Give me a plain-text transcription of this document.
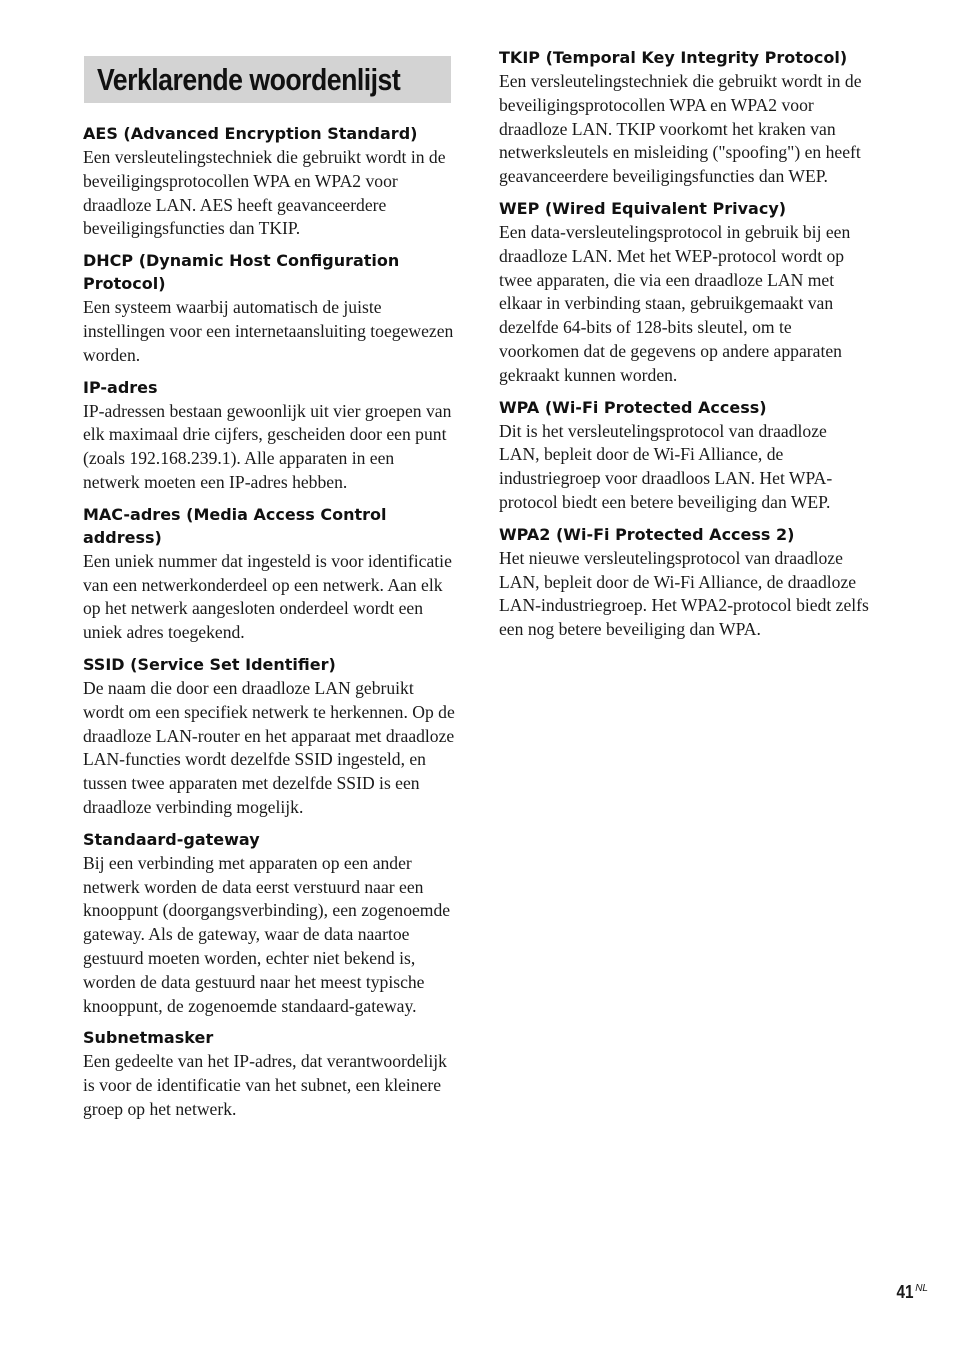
Verklarende woordenlijst
AES (Advanced Encryption Standard)

Een versleutelingstechniek die gebruikt wordt in de beveiligingsprotocollen WPA en WPA2 voor draadloze LAN. AES heeft geavanceerdere beveiligingsfuncties dan TKIP.

DHCP (Dynamic Host Configuration Protocol)

Een systeem waarbij automatisch de juiste instellingen voor een internetaansluiting toegewezen worden.

IP-adres

IP-adressen bestaan gewoonlijk uit vier groepen van elk maximaal drie cijfers, gescheiden door een punt (zoals 192.168.239.1). Alle apparaten in een netwerk moeten een IP-adres hebben.

MAC-adres (Media Access Control address)

Een uniek nummer dat ingesteld is voor identificatie van een netwerkonderdeel op een netwerk. Aan elk op het netwerk aangesloten onderdeel wordt een uniek adres toegekend.

SSID (Service Set Identifier)

De naam die door een draadloze LAN gebruikt wordt om een specifiek netwerk te herkennen. Op de draadloze LAN-router en het apparaat met draadloze LAN-functies wordt dezelfde SSID ingesteld, en tussen twee apparaten met dezelfde SSID is een draadloze verbinding mogelijk.

Standaard-gateway

Bij een verbinding met apparaten op een ander netwerk worden de data eerst verstuurd naar een knooppunt (doorgangsverbinding), een zogenoemde gateway. Als de gateway, waar de data naartoe gestuurd moeten worden, echter niet bekend is, worden de data gestuurd naar het meest typische knooppunt, de zogenoemde standaard-gateway.

Subnetmasker

Een gedeelte van het IP-adres, dat verantwoordelijk is voor de identificatie van het subnet, een kleinere groep op het netwerk.

TKIP (Temporal Key Integrity Protocol)

Een versleutelingstechniek die gebruikt wordt in de beveiligingsprotocollen WPA en WPA2 voor draadloze LAN. TKIP voorkomt het kraken van netwerksleutels en misleiding ("spoofing") en heeft geavanceerdere beveiligingsfuncties dan WEP.

WEP (Wired Equivalent Privacy)

Een data-versleutelingsprotocol in gebruik bij een draadloze LAN. Met het WEP-protocol wordt op twee apparaten, die via een draadloze LAN met elkaar in verbinding staan, gebruikgemaakt van dezelfde 64-bits of 128-bits sleutel, om te voorkomen dat de gegevens op andere apparaten gekraakt kunnen worden.

WPA (Wi-Fi Protected Access)

Dit is het versleutelingsprotocol van draadloze LAN, bepleit door de Wi-Fi Alliance, de industriegroep voor draadloos LAN. Het WPA-protocol biedt een betere beveiliging dan WEP.

WPA2 (Wi-Fi Protected Access 2)

Het nieuwe versleutelingsprotocol van draadloze LAN, bepleit door de Wi-Fi Alliance, de draadloze LAN-industriegroep. Het WPA2-protocol biedt zelfs een nog betere beveiliging dan WPA.

41 $^{NL}$
